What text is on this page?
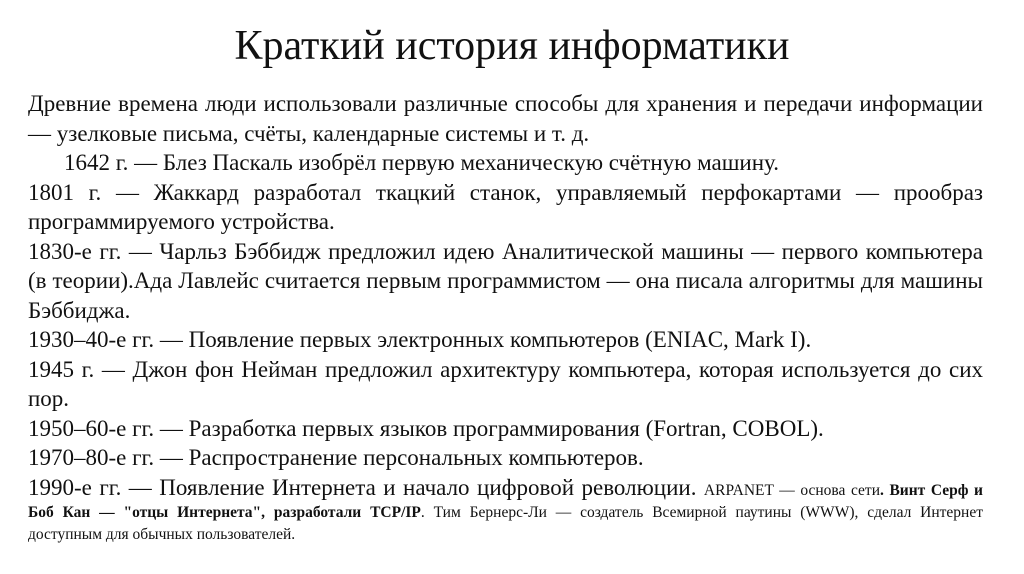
Краткий история информатики

Древние времена люди использовали различные способы для хранения и передачи информации — узелковые письма, счёты, календарные системы и т. д.

1642 г. — Блез Паскаль изобрёл первую механическую счётную машину.

1801 г. — Жаккард разработал ткацкий станок, управляемый перфокартами — прообраз программируемого устройства.

1830-е гг. — Чарльз Бэббидж предложил идею Аналитической машины — первого компьютера (в теории).Ада Лавлейс считается первым программистом — она писала алгоритмы для машины Бэббиджа.

1930–40-е гг. — Появление первых электронных компьютеров (ENIAC, Mark I).

1945 г. — Джон фон Нейман предложил архитектуру компьютера, которая используется до сих пор.

1950–60-е гг. — Разработка первых языков программирования (Fortran, COBOL).

1970–80-е гг. — Распространение персональных компьютеров.

1990-е гг. — Появление Интернета и начало цифровой революции. ARPANET — основа сети. Винт Серф и Боб Кан — "отцы Интернета", разработали TCP/IP. Тим Бернерс-Ли — создатель Всемирной паутины (WWW), сделал Интернет доступным для обычных пользователей.
